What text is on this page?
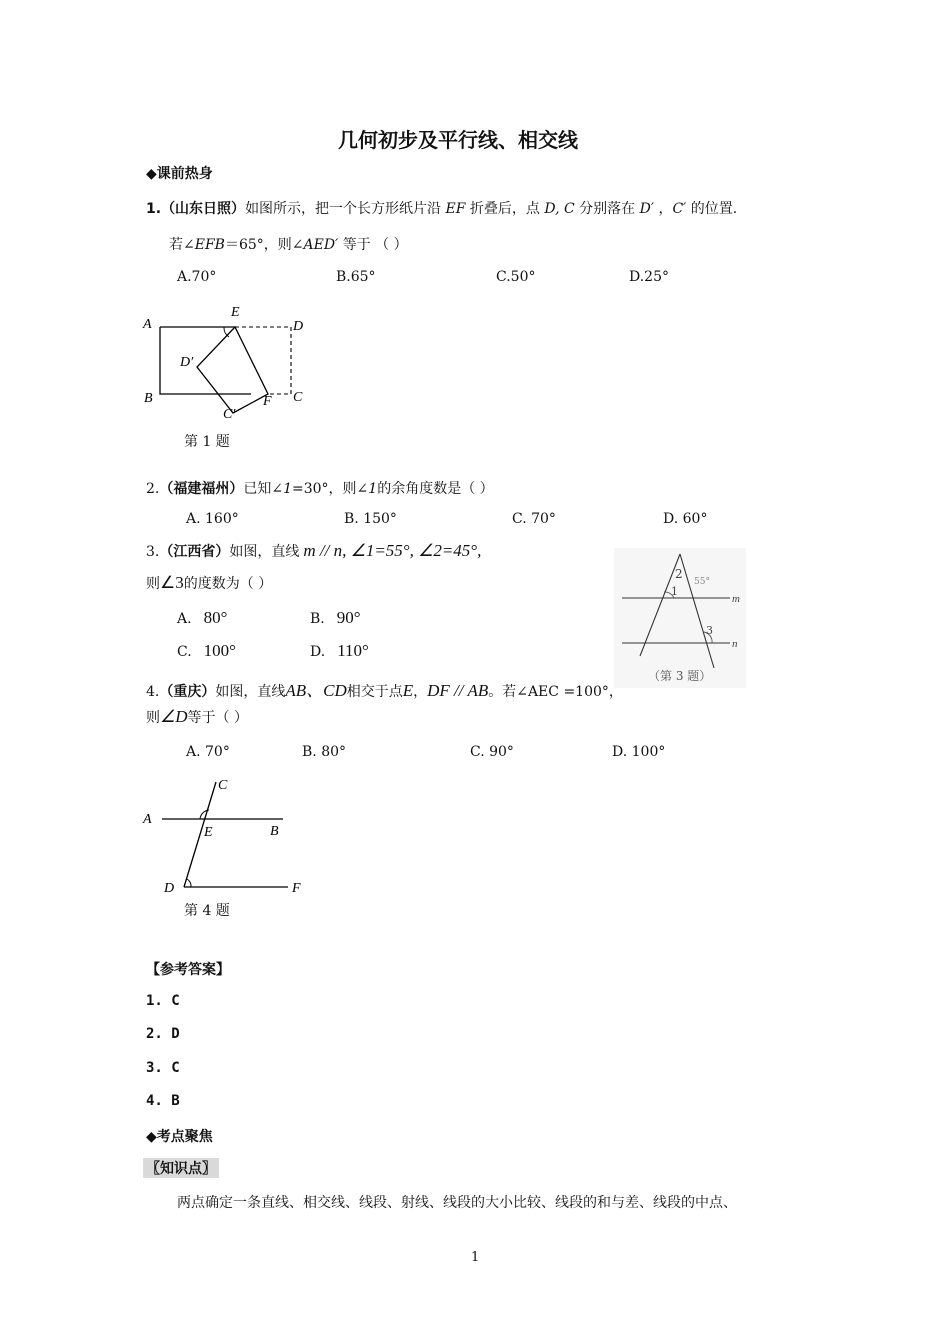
几何初步及平行线、相交线
◆课前热身
1.（山东日照）如图所示，把一个长方形纸片沿 EF 折叠后，点 D, C 分别落在 D′ ，C′ 的位置.
若∠EFB＝65°，则∠AED′ 等于 （ ）
A.70°	B.65°	C.50°	D.25°
A
E
D
D′
B
C′
F C
第 1 题
2.（福建福州）已知∠1=30°，则∠1的余角度数是（ ）
A. 160°	B. 150°	C. 70°	D. 60°
3.（江西省）如图，直线 m // n, ∠1=55°, ∠2=45°,
则∠3的度数为（ ）
A. 80°	B. 90°
C. 100°	D. 110°
m
n
2
1
3
55°
（第 3 题）
4.（重庆）如图，直线AB、CD相交于点E，DF // AB。若∠AEC =100°，
则∠D等于（ ）
A. 70°	B. 80°	C. 90°	D. 100°
C
A
E	B
D	F
第 4 题
【参考答案】
1. C
2. D
3. C
4. B
◆考点聚焦
〖知识点〗
两点确定一条直线、相交线、线段、射线、线段的大小比较、线段的和与差、线段的中点、
1
